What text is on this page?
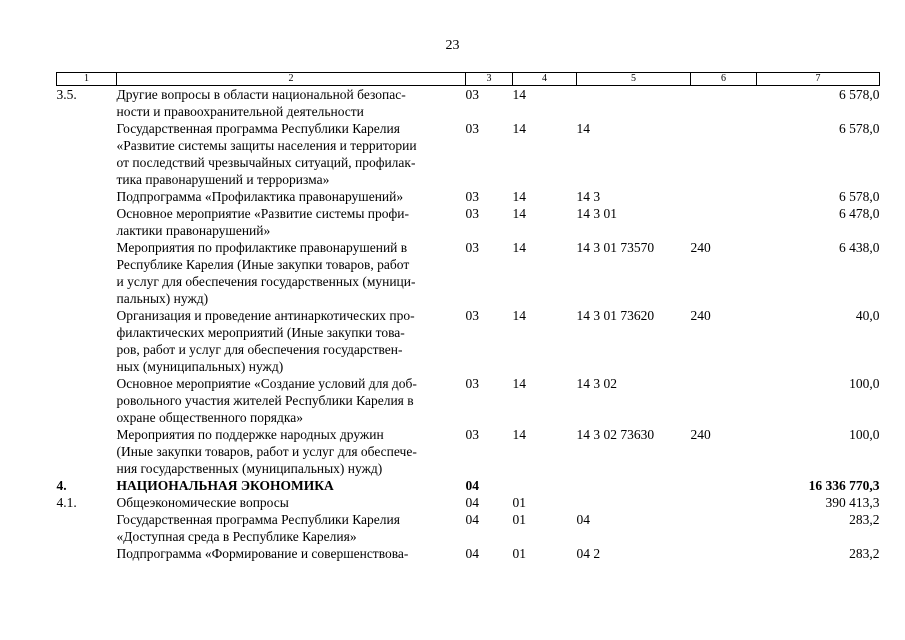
23
1	2	3	4	5	6	7
3.5.	Другие вопросы в области национальной безопас-
ности и правоохранительной деятельности	03	14			6 578,0

	Государственная программа Республики Карелия
«Развитие системы защиты населения и территории
от последствий чрезвычайных ситуаций, профилак-
тика правонарушений и терроризма»	03	14	14		6 578,0

	Подпрограмма «Профилактика правонарушений»	03	14	14 3		6 578,0

	Основное мероприятие «Развитие системы профи-
лактики правонарушений»	03	14	14 3 01		6 478,0

	Мероприятия по профилактике правонарушений в
Республике Карелия (Иные закупки товаров, работ
и услуг для обеспечения государственных (муници-
пальных) нужд)	03	14	14 3 01 73570	240	6 438,0

	Организация и проведение антинаркотических про-
филактических мероприятий (Иные закупки това-
ров, работ и услуг для обеспечения государствен-
ных (муниципальных) нужд)	03	14	14 3 01 73620	240	40,0

	Основное мероприятие «Создание условий для доб-
ровольного участия жителей Республики Карелия в
охране общественного порядка»	03	14	14 3 02		100,0

	Мероприятия по поддержке народных дружин
(Иные закупки товаров, работ и услуг для обеспече-
ния государственных (муниципальных) нужд)	03	14	14 3 02 73630	240	100,0
4.	НАЦИОНАЛЬНАЯ ЭКОНОМИКА	04				16 336 770,3
4.1.	Общеэкономические вопросы	04	01			390 413,3

	Государственная программа Республики Карелия
«Доступная среда в Республике Карелия»	04	01	04		283,2

	Подпрограмма «Формирование и совершенствова-	04	01	04 2		283,2
